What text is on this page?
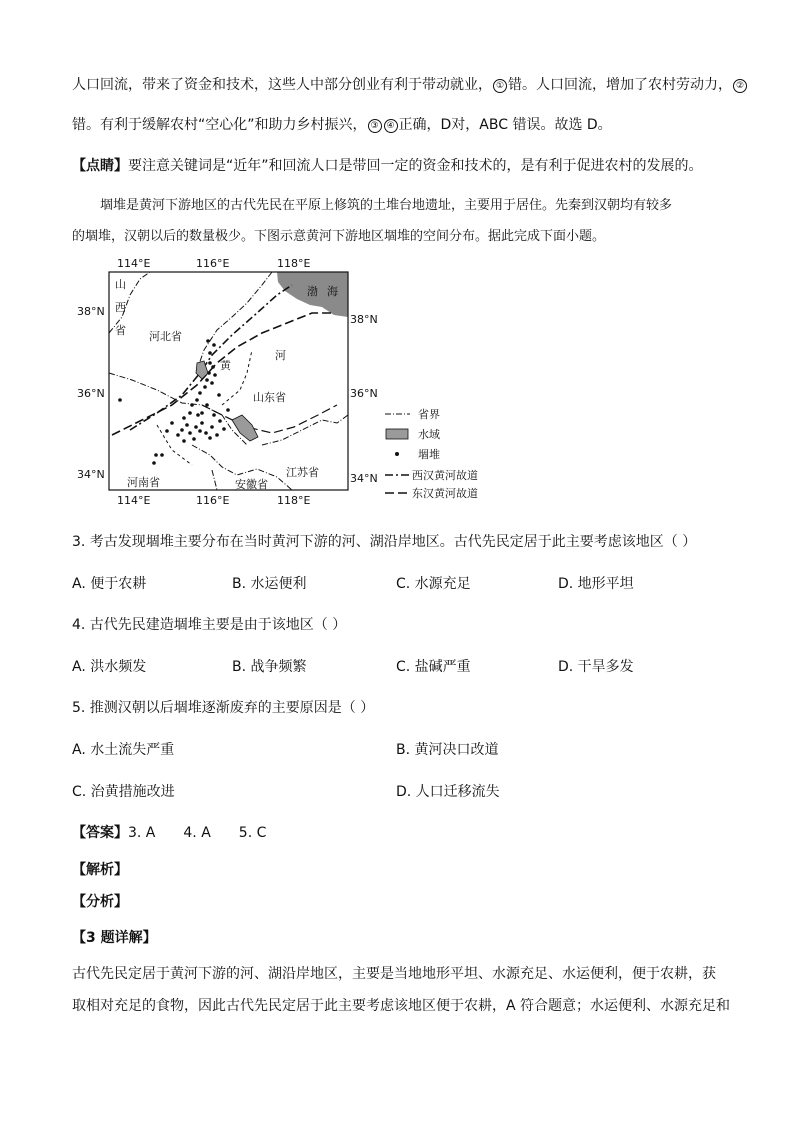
人口回流，带来了资金和技术，这些人中部分创业有利于带动就业， ① 错。人口回流，增加了农村劳动力， ②
错。有利于缓解农村“空心化”和助力乡村振兴， ③ ④ 正确，D对，ABC 错误。故选 D。
【点睛】要注意关键词是“近年”和回流人口是带回一定的资金和技术的，是有利于促进农村的发展的。
堌堆是黄河下游地区的古代先民在平原上修筑的土堆台地遗址，主要用于居住。先秦到汉朝均有较多
的堌堆，汉朝以后的数量极少。下图示意黄河下游地区堌堆的空间分布。据此完成下面小题。
114°E	116°E	118°E
114°E	116°E	118°E
38°N
36°N
34°N
38°N
36°N
34°N
山
西
省 河北省
渤 海
河
黄
山东省
河南省	安徽省
江苏省
省界
水域
堌堆
西汉黄河故道
东汉黄河故道
3. 考古发现堌堆主要分布在当时黄河下游的河、湖沿岸地区。古代先民定居于此主要考虑该地区（ ）
A. 便于农耕	B. 水运便利	C. 水源充足	D. 地形平坦
4. 古代先民建造堌堆主要是由于该地区（ ）
A. 洪水频发	B. 战争频繁	C. 盐碱严重	D. 干旱多发
5. 推测汉朝以后堌堆逐渐废弃的主要原因是（ ）
A. 水土流失严重	B. 黄河决口改道
C. 治黄措施改进	D. 人口迁移流失
【答案】3. A 4. A 5. C
【解析】
【分析】
【3 题详解】
古代先民定居于黄河下游的河、湖沿岸地区，主要是当地地形平坦、水源充足、水运便利，便于农耕，获
取相对充足的食物，因此古代先民定居于此主要考虑该地区便于农耕，A 符合题意；水运便利、水源充足和
